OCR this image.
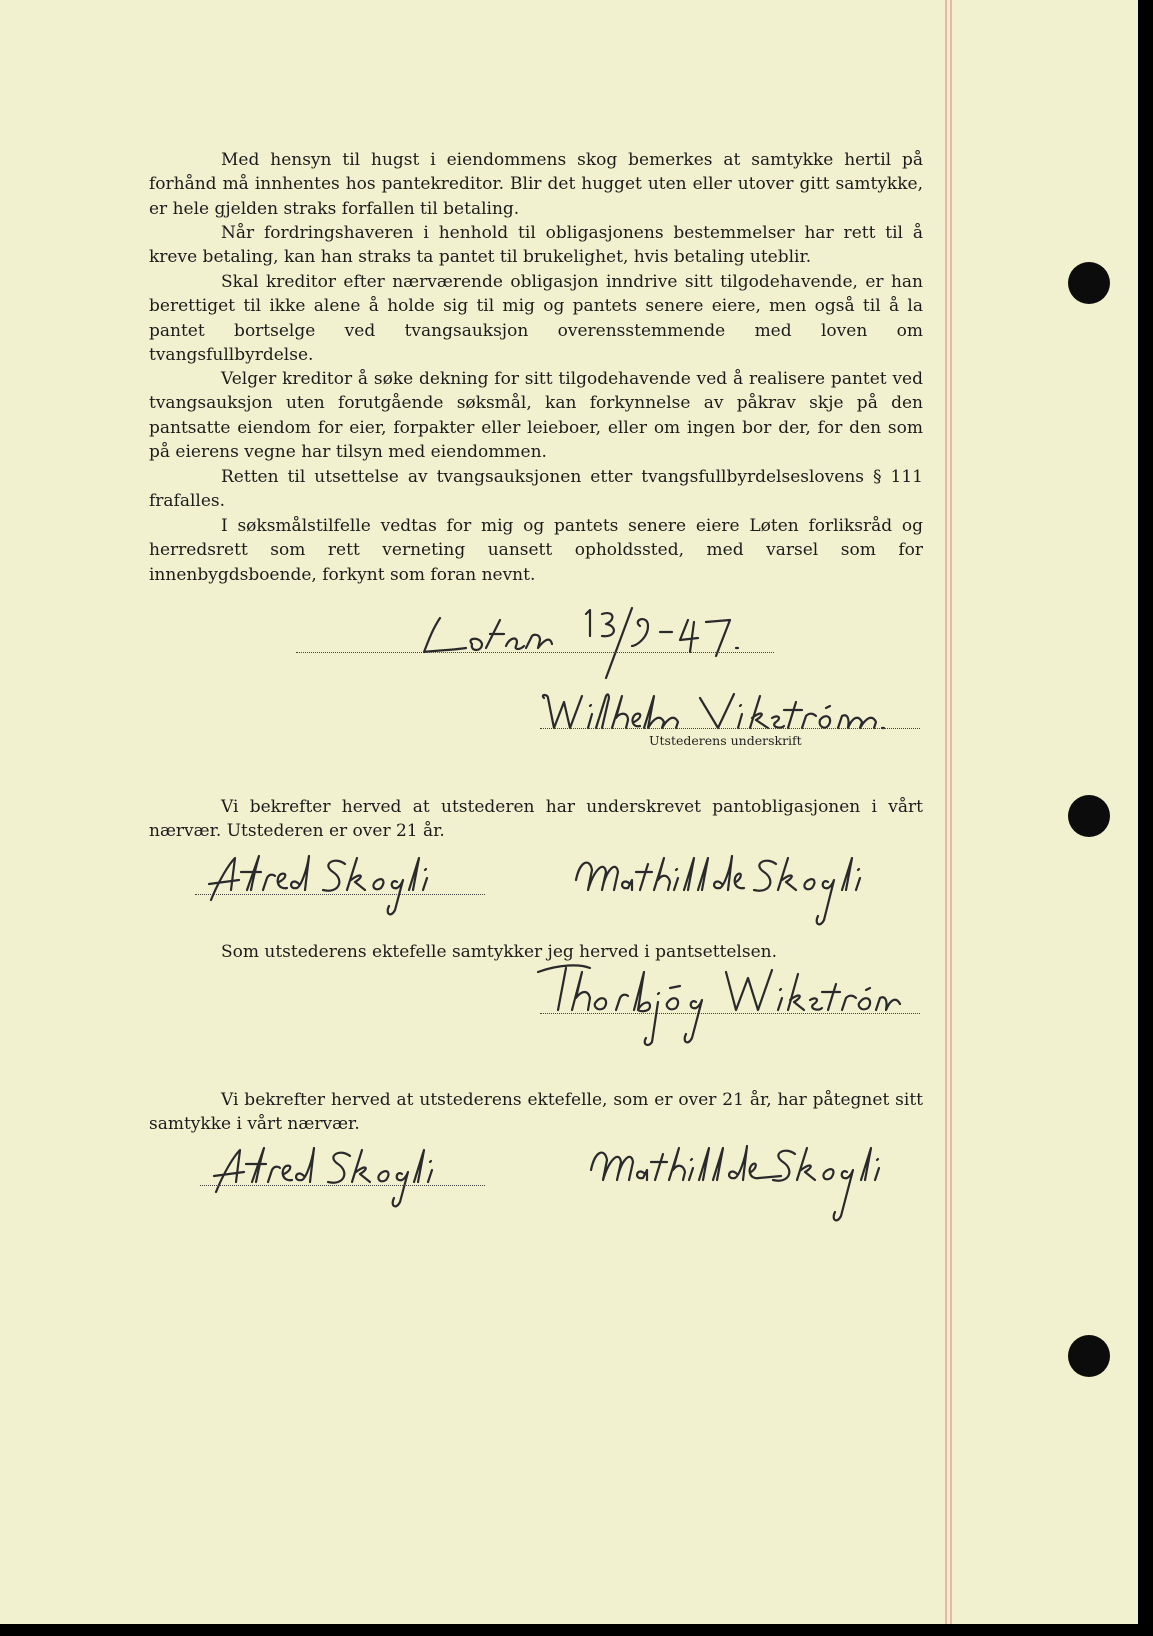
Med hensyn til hugst i eiendommens skog bemerkes at samtykke hertil på forhånd må innhentes hos pantekreditor. Blir det hugget uten eller utover gitt samtykke, er hele gjelden straks forfallen til betaling.

Når fordringshaveren i henhold til obligasjonens bestemmelser har rett til å kreve betaling, kan han straks ta pantet til brukelighet, hvis betaling uteblir.

Skal kreditor efter nærværende obligasjon inndrive sitt tilgodehavende, er han berettiget til ikke alene å holde sig til mig og pantets senere eiere, men også til å la pantet bortselge ved tvangsauksjon overensstemmende med loven om tvangsfullbyrdelse.

Velger kreditor å søke dekning for sitt tilgodehavende ved å realisere pantet ved tvangsauksjon uten forutgående søksmål, kan forkynnelse av påkrav skje på den pantsatte eiendom for eier, forpakter eller leieboer, eller om ingen bor der, for den som på eierens vegne har tilsyn med eiendommen.

Retten til utsettelse av tvangsauksjonen etter tvangsfullbyrdelseslovens § 111 frafalles.

I søksmålstilfelle vedtas for mig og pantets senere eiere Løten forliksråd og herredsrett som rett verneting uansett opholdssted, med varsel som for innenbygdsboende, forkynt som foran nevnt.

Utstederens underskrift

Vi bekrefter herved at utstederen har underskrevet pantobligasjonen i vårt nærvær. Utstederen er over 21 år.

Som utstederens ektefelle samtykker jeg herved i pantsettelsen.

Vi bekrefter herved at utstederens ektefelle, som er over 21 år, har påtegnet sitt samtykke i vårt nærvær.
